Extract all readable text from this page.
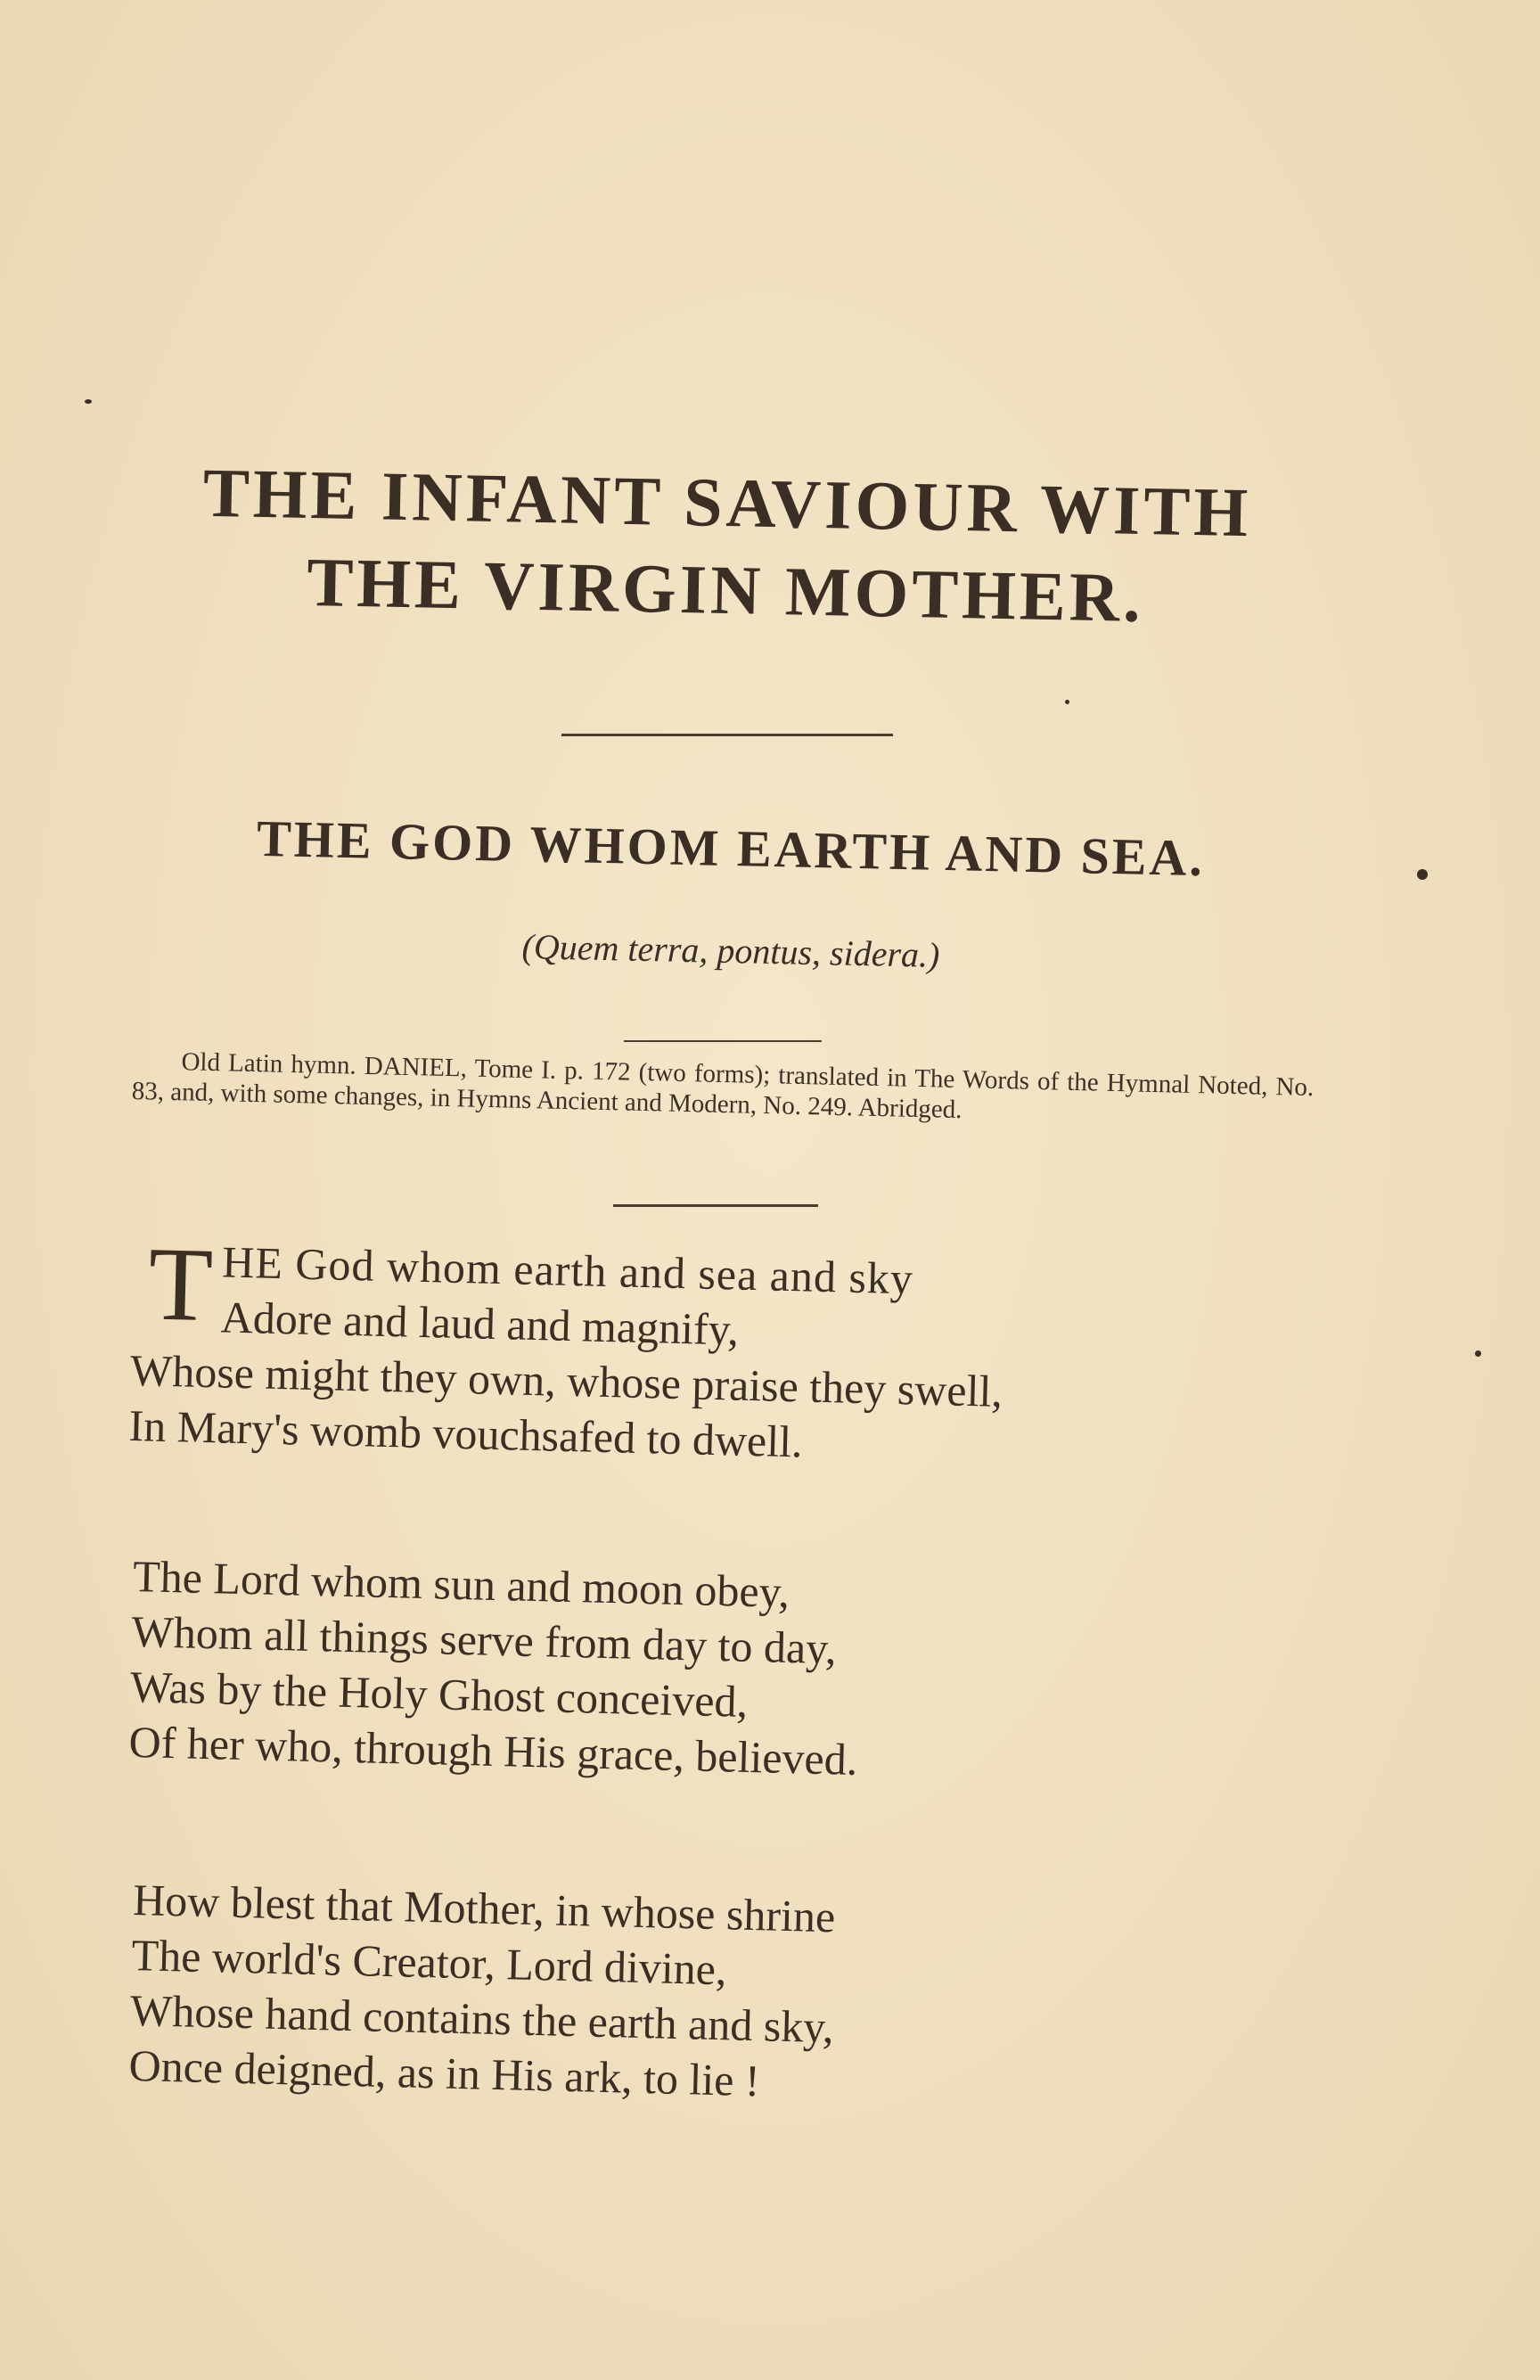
THE INFANT SAVIOUR WITH
THE VIRGIN MOTHER.
THE GOD WHOM EARTH AND SEA.
(Quem terra, pontus, sidera.)
Old Latin hymn. DANIEL, Tome I. p. 172 (two forms); translated in The Words of the Hymnal Noted, No. 83, and, with some changes, in Hymns Ancient and Modern, No. 249. Abridged.
T HE God whom earth and sea and sky
Adore and laud and magnify,
Whose might they own, whose praise they swell,
In Mary's womb vouchsafed to dwell.
The Lord whom sun and moon obey,
Whom all things serve from day to day,
Was by the Holy Ghost conceived,
Of her who, through His grace, believed.
How blest that Mother, in whose shrine
The world's Creator, Lord divine,
Whose hand contains the earth and sky,
Once deigned, as in His ark, to lie !
